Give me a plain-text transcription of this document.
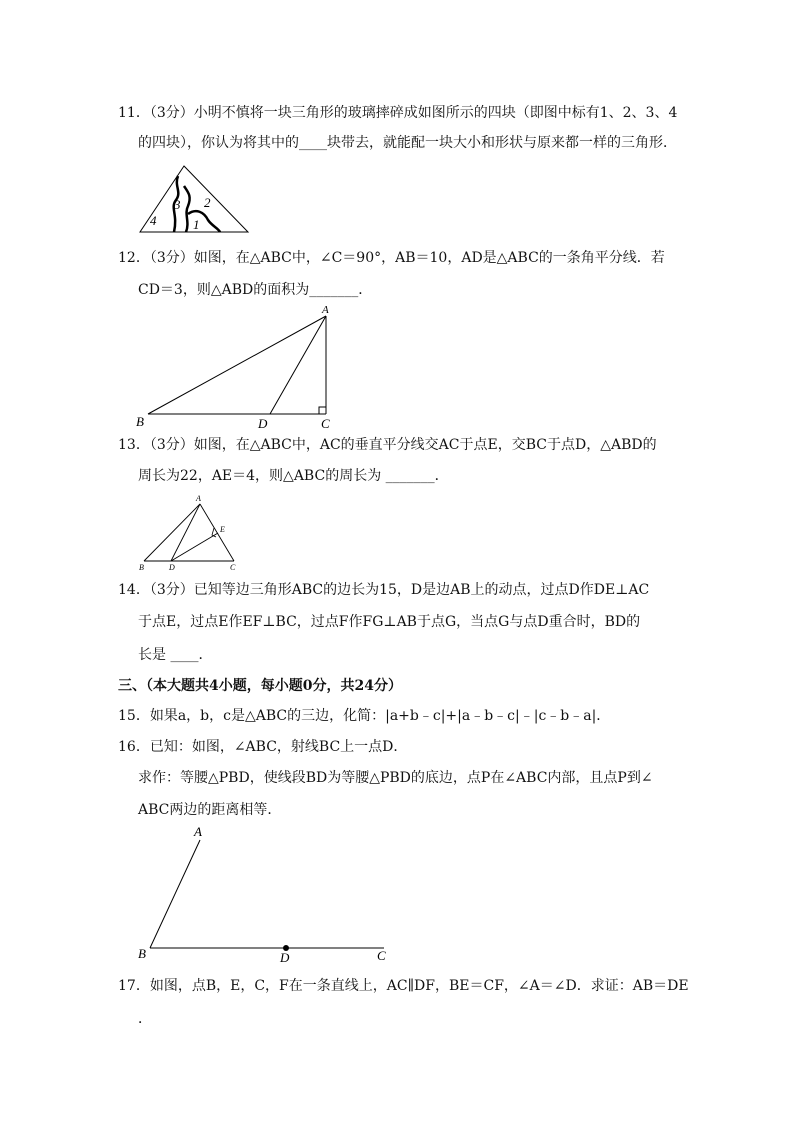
11．（3分）小明不慎将一块三角形的玻璃摔碎成如图所示的四块（即图中标有1、2、3、4
的四块），你认为将其中的____块带去，就能配一块大小和形状与原来都一样的三角形．
4
3 2
1
12．（3分）如图，在△ABC中，∠C＝90°，AB＝10，AD是△ABC的一条角平分线．若
CD＝3，则△ABD的面积为_______．
A
B	D	C
13．（3分）如图，在△ABC中，AC的垂直平分线交AC于点E，交BC于点D，△ABD的
周长为22，AE＝4，则△ABC的周长为 _______．
A
E
B	D	C
14．（3分）已知等边三角形ABC的边长为15，D是边AB上的动点，过点D作DE⊥AC
于点E，过点E作EF⊥BC，过点F作FG⊥AB于点G，当点G与点D重合时，BD的
长是 ____．
三、（本大题共4小题，每小题0分，共24分）
15．如果a，b，c是△ABC的三边，化简：|a+b﹣c|+|a﹣b﹣c|﹣|c﹣b﹣a|．
16．已知：如图，∠ABC，射线BC上一点D．
求作：等腰△PBD，使线段BD为等腰△PBD的底边，点P在∠ABC内部，且点P到∠
ABC两边的距离相等．
A
B	D	C
17．如图，点B，E，C，F在一条直线上，AC∥DF，BE＝CF，∠A＝∠D．求证：AB＝DE
．
